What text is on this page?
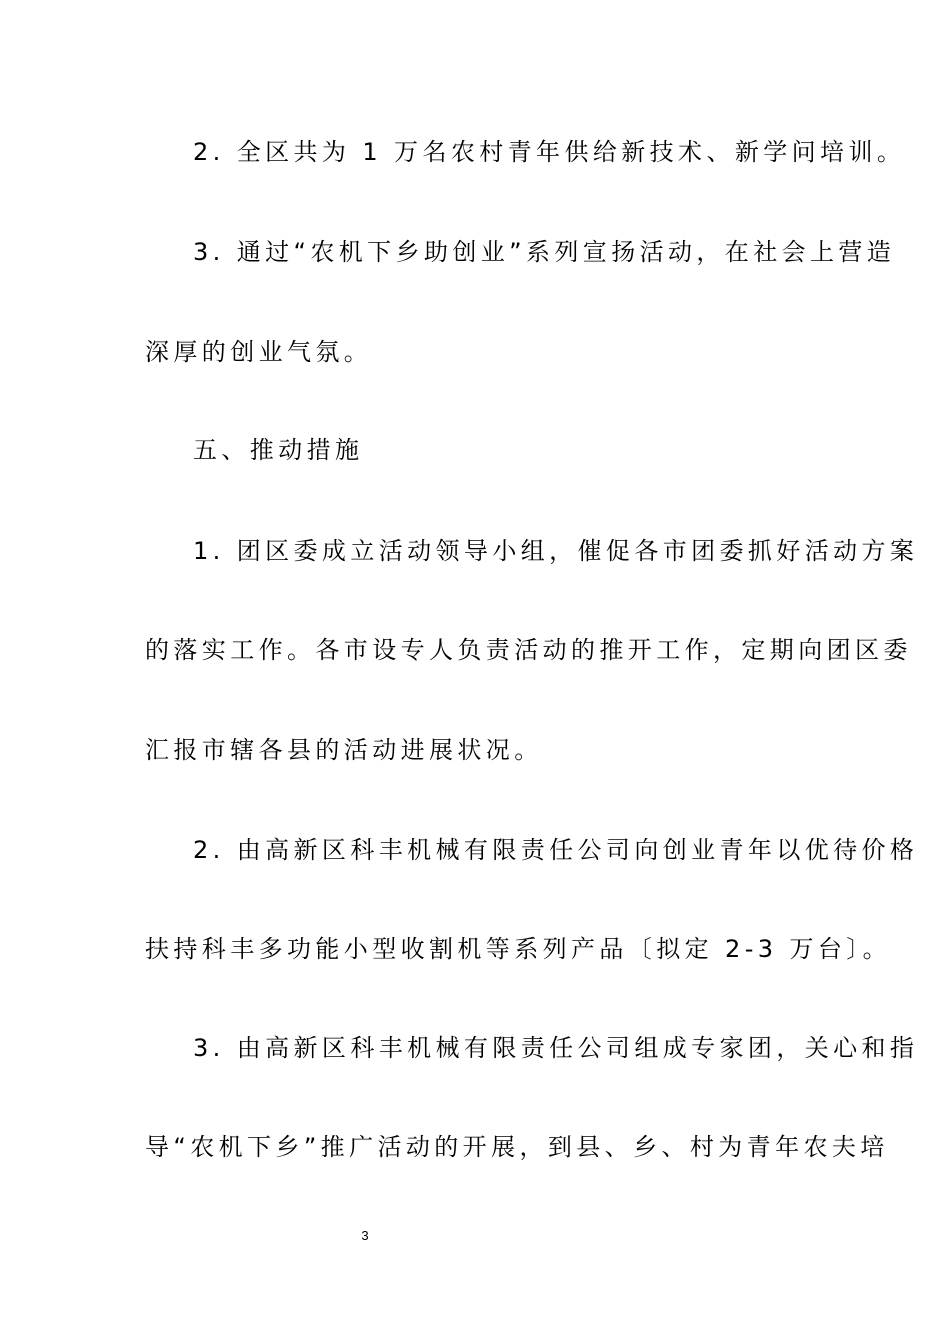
2. 全区共为 1 万名农村青年供给新技术、新学问培训。
3. 通过“农机下乡助创业”系列宣扬活动，在社会上营造
深厚的创业气氛。
五、推动措施
1. 团区委成立活动领导小组，催促各市团委抓好活动方案
的落实工作。各市设专人负责活动的推开工作，定期向团区委
汇报市辖各县的活动进展状况。
2. 由高新区科丰机械有限责任公司向创业青年以优待价格
扶持科丰多功能小型收割机等系列产品〔拟定 2-3 万台〕。
3. 由高新区科丰机械有限责任公司组成专家团，关心和指
导“农机下乡”推广活动的开展，到县、乡、村为青年农夫培
3
